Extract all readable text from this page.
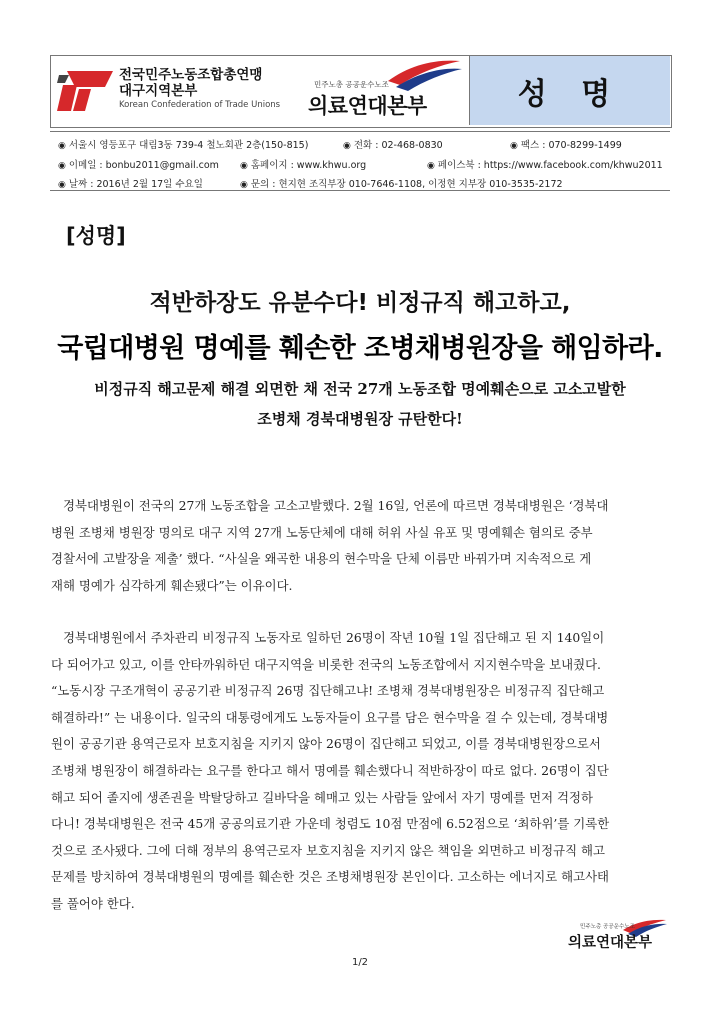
전국민주노동조합총연맹
대구지역본부
Korean Confederation of Trade Unions
민주노총 공공운수노조
의료연대본부	성 명
◉ 서울시 영등포구 대림3동 739-4 철노회관 2층(150-815)	◉ 전화 : 02-468-0830	◉ 팩스 : 070-8299-1499
◉ 이메일 : bonbu2011@gmail.com ◉ 홈페이지 : www.khwu.org	◉ 페이스북 : https://www.facebook.com/khwu2011
◉ 날짜 : 2016년 2월 17일 수요일	◉ 문의 : 현지현 조직부장 010-7646-1108, 이정현 지부장 010-3535-2172
[성명]
적반하장도 유분수다! 비정규직 해고하고,
국립대병원 명예를 훼손한 조병채병원장을 해임하라.
비정규직 해고문제 해결 외면한 채 전국 27개 노동조합 명예훼손으로 고소고발한
조병채 경북대병원장 규탄한다!
경북대병원이 전국의 27개 노동조합을 고소고발했다. 2월 16일, 언론에 따르면 경북대병원은 ‘경북대
병원 조병채 병원장 명의로 대구 지역 27개 노동단체에 대해 허위 사실 유포 및 명예훼손 혐의로 중부
경찰서에 고발장을 제출’ 했다. “사실을 왜곡한 내용의 현수막을 단체 이름만 바꿔가며 지속적으로 게
재해 명예가 심각하게 훼손됐다”는 이유이다.
경북대병원에서 주차관리 비정규직 노동자로 일하던 26명이 작년 10월 1일 집단해고 된 지 140일이
다 되어가고 있고, 이를 안타까워하던 대구지역을 비롯한 전국의 노동조합에서 지지현수막을 보내줬다.
“노동시장 구조개혁이 공공기관 비정규직 26명 집단해고냐! 조병채 경북대병원장은 비정규직 집단해고
해결하라!” 는 내용이다. 일국의 대통령에게도 노동자들이 요구를 담은 현수막을 걸 수 있는데, 경북대병
원이 공공기관 용역근로자 보호지침을 지키지 않아 26명이 집단해고 되었고, 이를 경북대병원장으로서
조병채 병원장이 해결하라는 요구를 한다고 해서 명예를 훼손했다니 적반하장이 따로 없다. 26명이 집단
해고 되어 졸지에 생존권을 박탈당하고 길바닥을 헤매고 있는 사람들 앞에서 자기 명예를 먼저 걱정하
다니! 경북대병원은 전국 45개 공공의료기관 가운데 청렴도 10점 만점에 6.52점으로 ‘최하위’를 기록한
것으로 조사됐다. 그에 더해 정부의 용역근로자 보호지침을 지키지 않은 책임을 외면하고 비정규직 해고
문제를 방치하여 경북대병원의 명예를 훼손한 것은 조병채병원장 본인이다. 고소하는 에너지로 해고사태
를 풀어야 한다.
민주노총 공공운수노조
의료연대본부
1/2
